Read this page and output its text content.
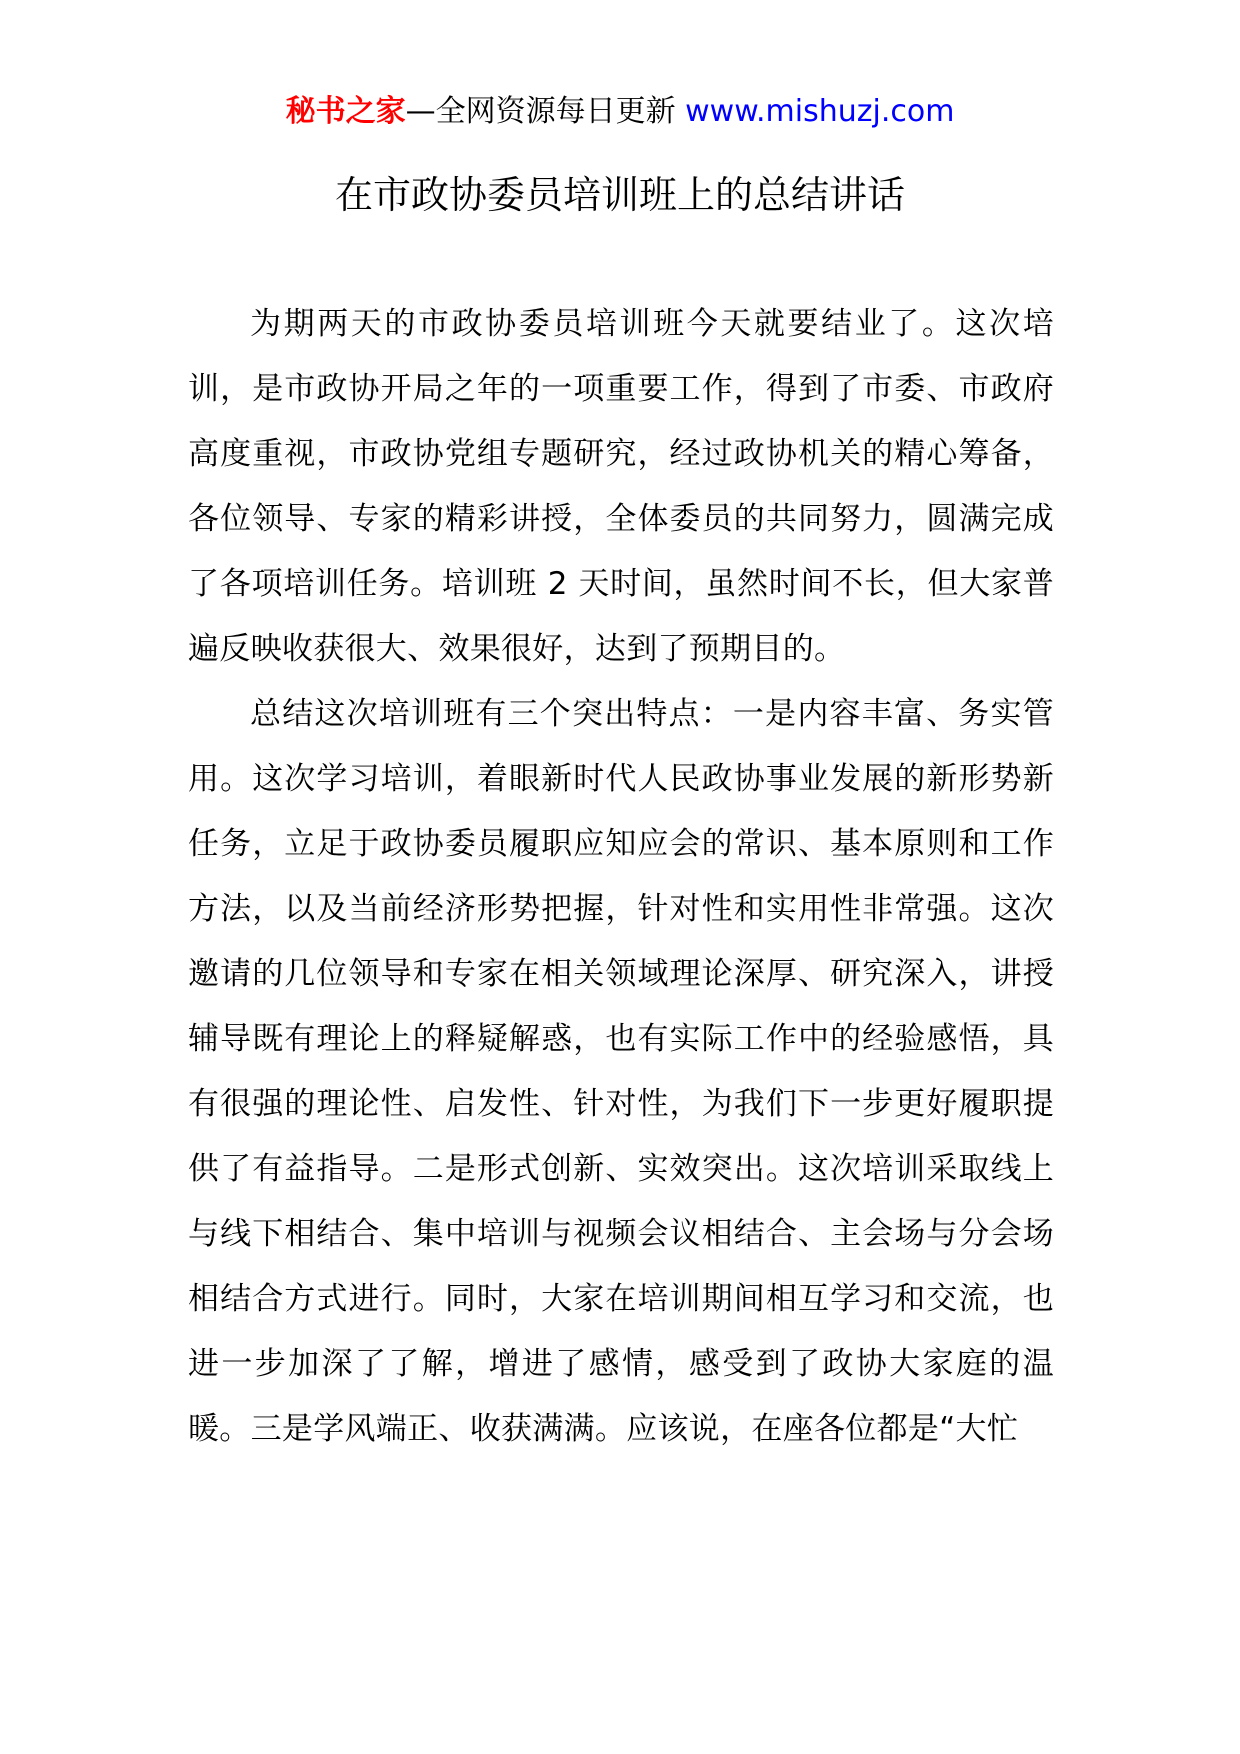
秘书之家—全网资源每日更新 www.mishuzj.com
在市政协委员培训班上的总结讲话

为期两天的市政协委员培训班今天就要结业了。这次培训，是市政协开局之年的一项重要工作，得到了市委、市政府高度重视，市政协党组专题研究，经过政协机关的精心筹备，各位领导、专家的精彩讲授，全体委员的共同努力，圆满完成了各项培训任务。培训班 2 天时间，虽然时间不长，但大家普遍反映收获很大、效果很好，达到了预期目的。

总结这次培训班有三个突出特点：一是内容丰富、务实管用。这次学习培训，着眼新时代人民政协事业发展的新形势新任务，立足于政协委员履职应知应会的常识、基本原则和工作方法，以及当前经济形势把握，针对性和实用性非常强。这次邀请的几位领导和专家在相关领域理论深厚、研究深入，讲授辅导既有理论上的释疑解惑，也有实际工作中的经验感悟，具有很强的理论性、启发性、针对性，为我们下一步更好履职提供了有益指导。二是形式创新、实效突出。这次培训采取线上与线下相结合、集中培训与视频会议相结合、主会场与分会场相结合方式进行。同时，大家在培训期间相互学习和交流，也进一步加深了了解，增进了感情，感受到了政协大家庭的温暖。三是学风端正、收获满满。应该说，在座各位都是“大忙
